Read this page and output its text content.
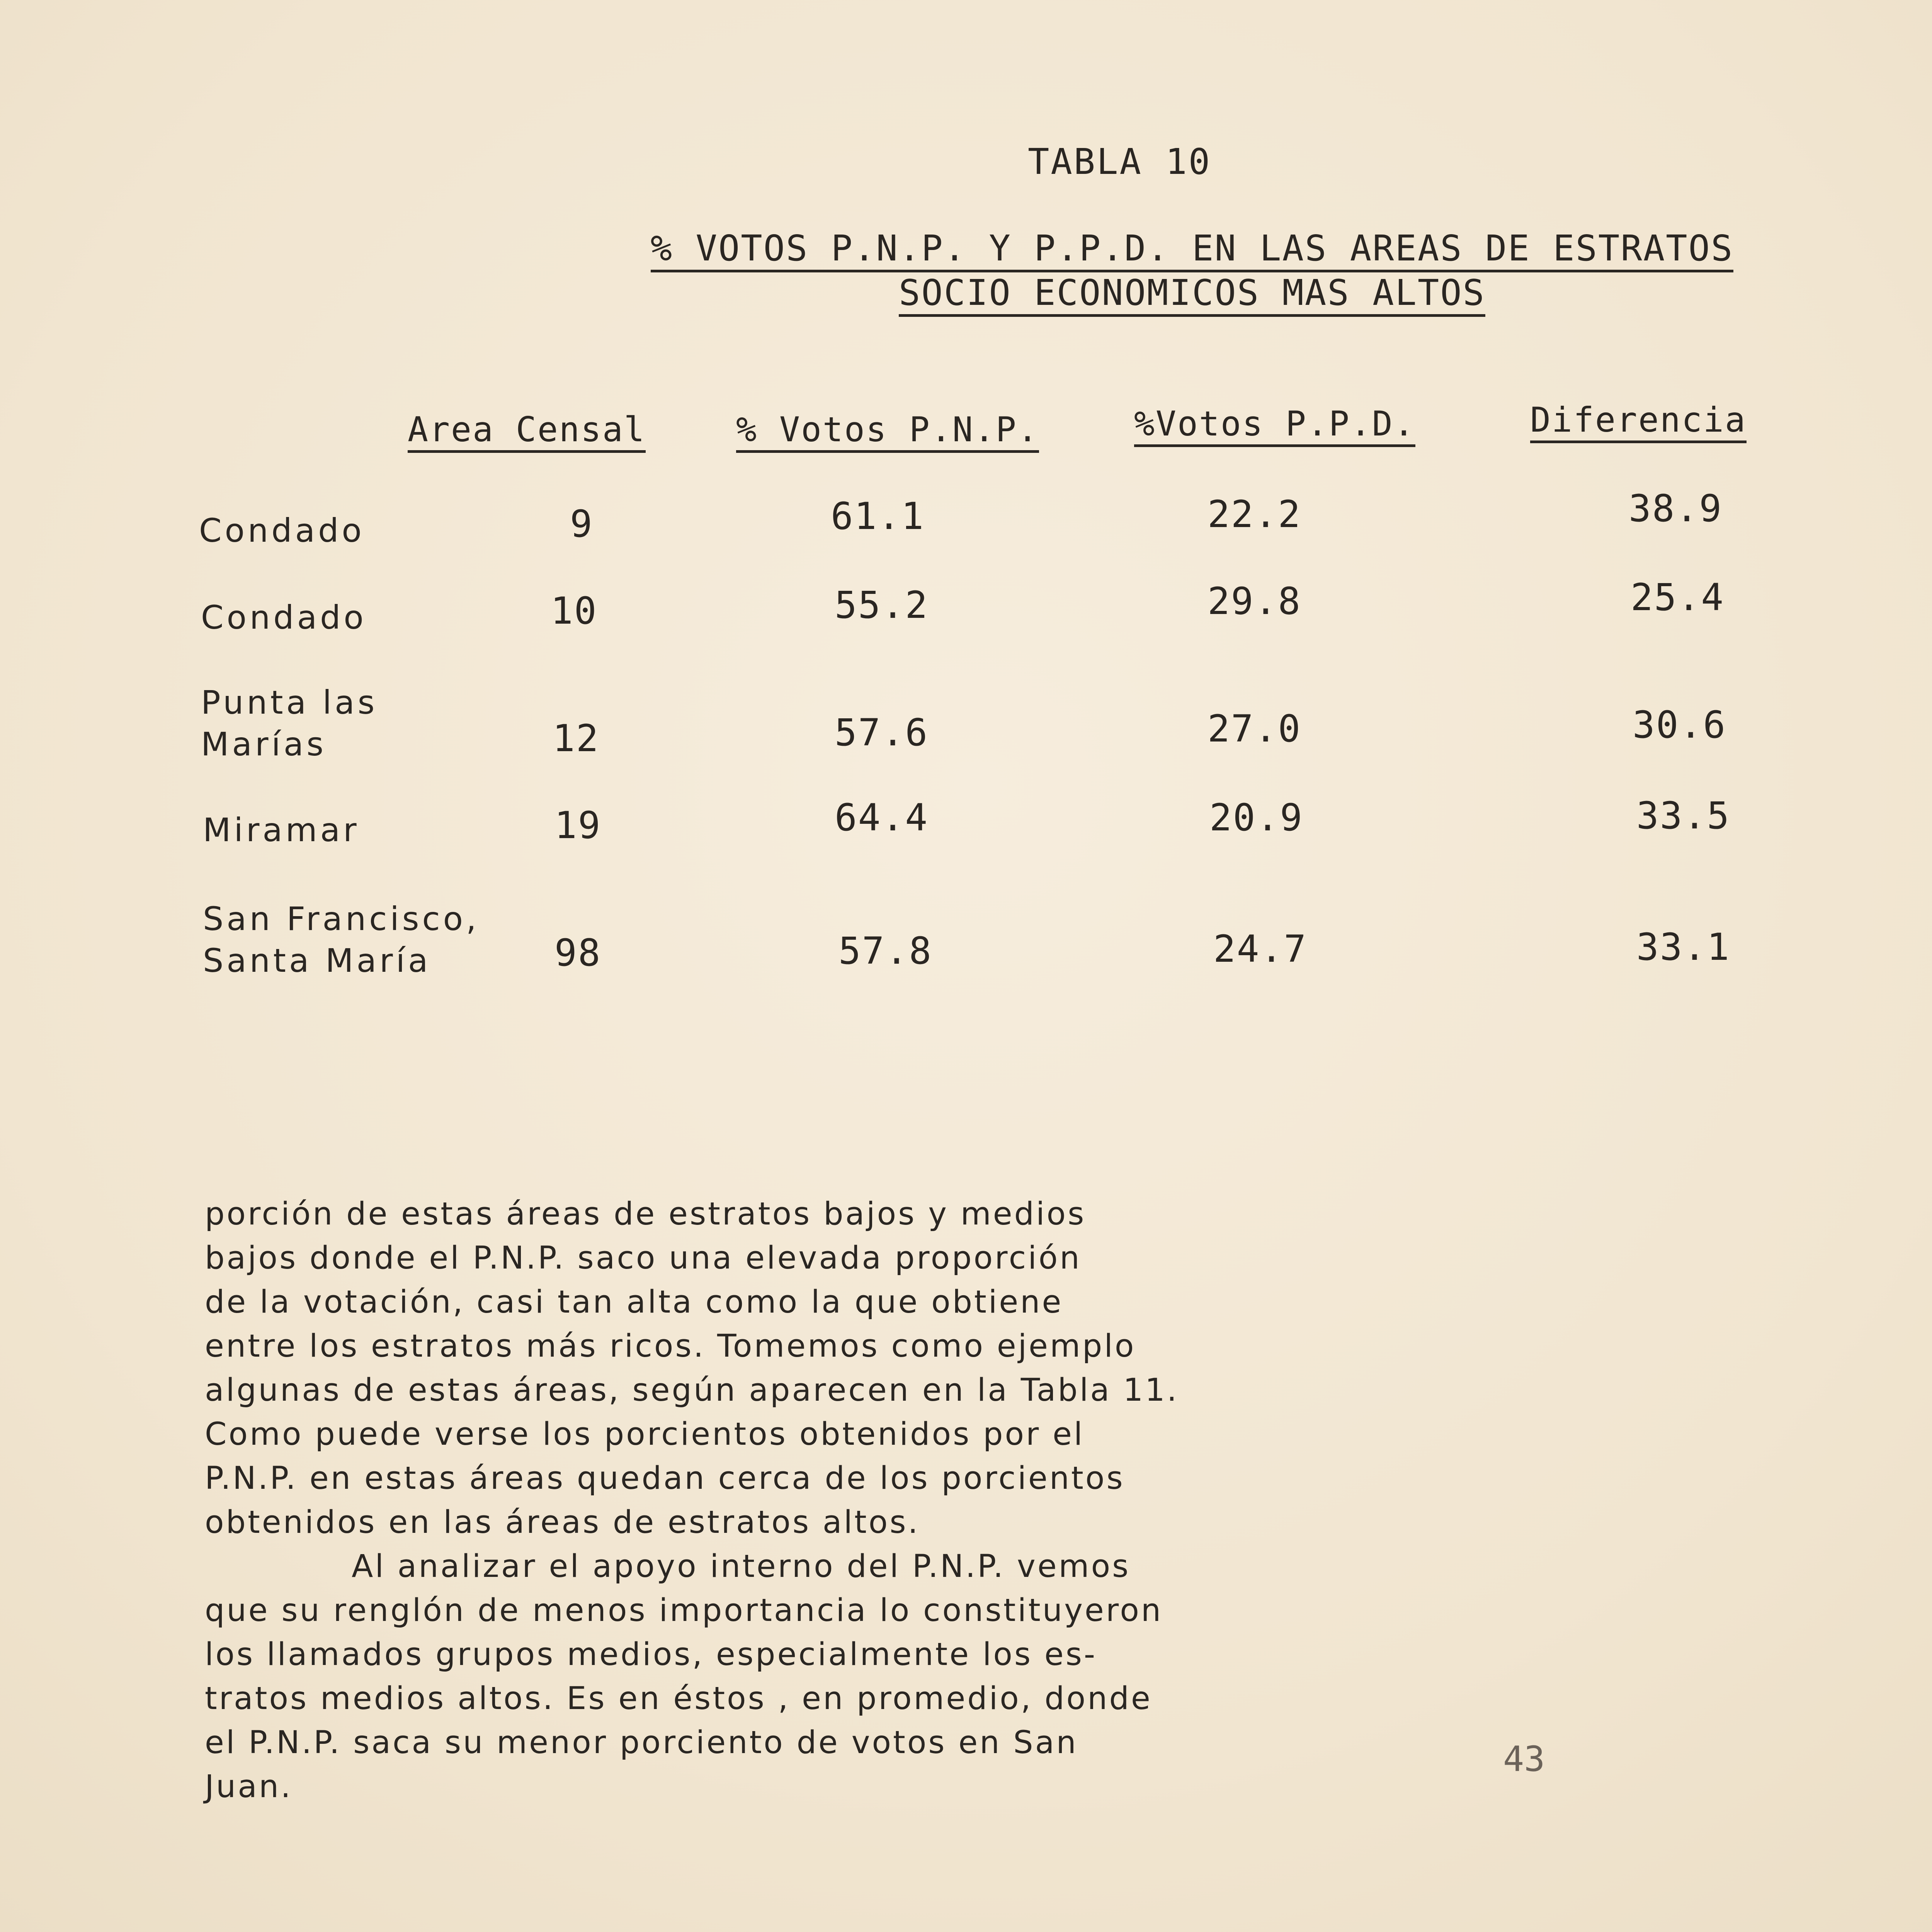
TABLA 10
% VOTOS P.N.P. Y P.P.D. EN LAS AREAS DE ESTRATOS
SOCIO ECONOMICOS MAS ALTOS
Area Censal	% Votos P.N.P.	%Votos P.P.D.	Diferencia
Condado	9	61.1	22.2	38.9
Condado	10	55.2	29.8	25.4
Punta las
Marías	12	57.6	27.0	30.6
Miramar	19	64.4	20.9	33.5
San Francisco,
Santa María	98	57.8	24.7	33.1
porción de estas áreas de estratos bajos y medios
bajos donde el P.N.P. saco una elevada proporción
de la votación, casi tan alta como la que obtiene
entre los estratos más ricos. Tomemos como ejemplo
algunas de estas áreas, según aparecen en la Tabla 11.
Como puede verse los porcientos obtenidos por el
P.N.P. en estas áreas quedan cerca de los porcientos
obtenidos en las áreas de estratos altos.
Al analizar el apoyo interno del P.N.P. vemos
que su renglón de menos importancia lo constituyeron
los llamados grupos medios, especialmente los es-
tratos medios altos. Es en éstos , en promedio, donde
el P.N.P. saca su menor porciento de votos en San
Juan.
43
